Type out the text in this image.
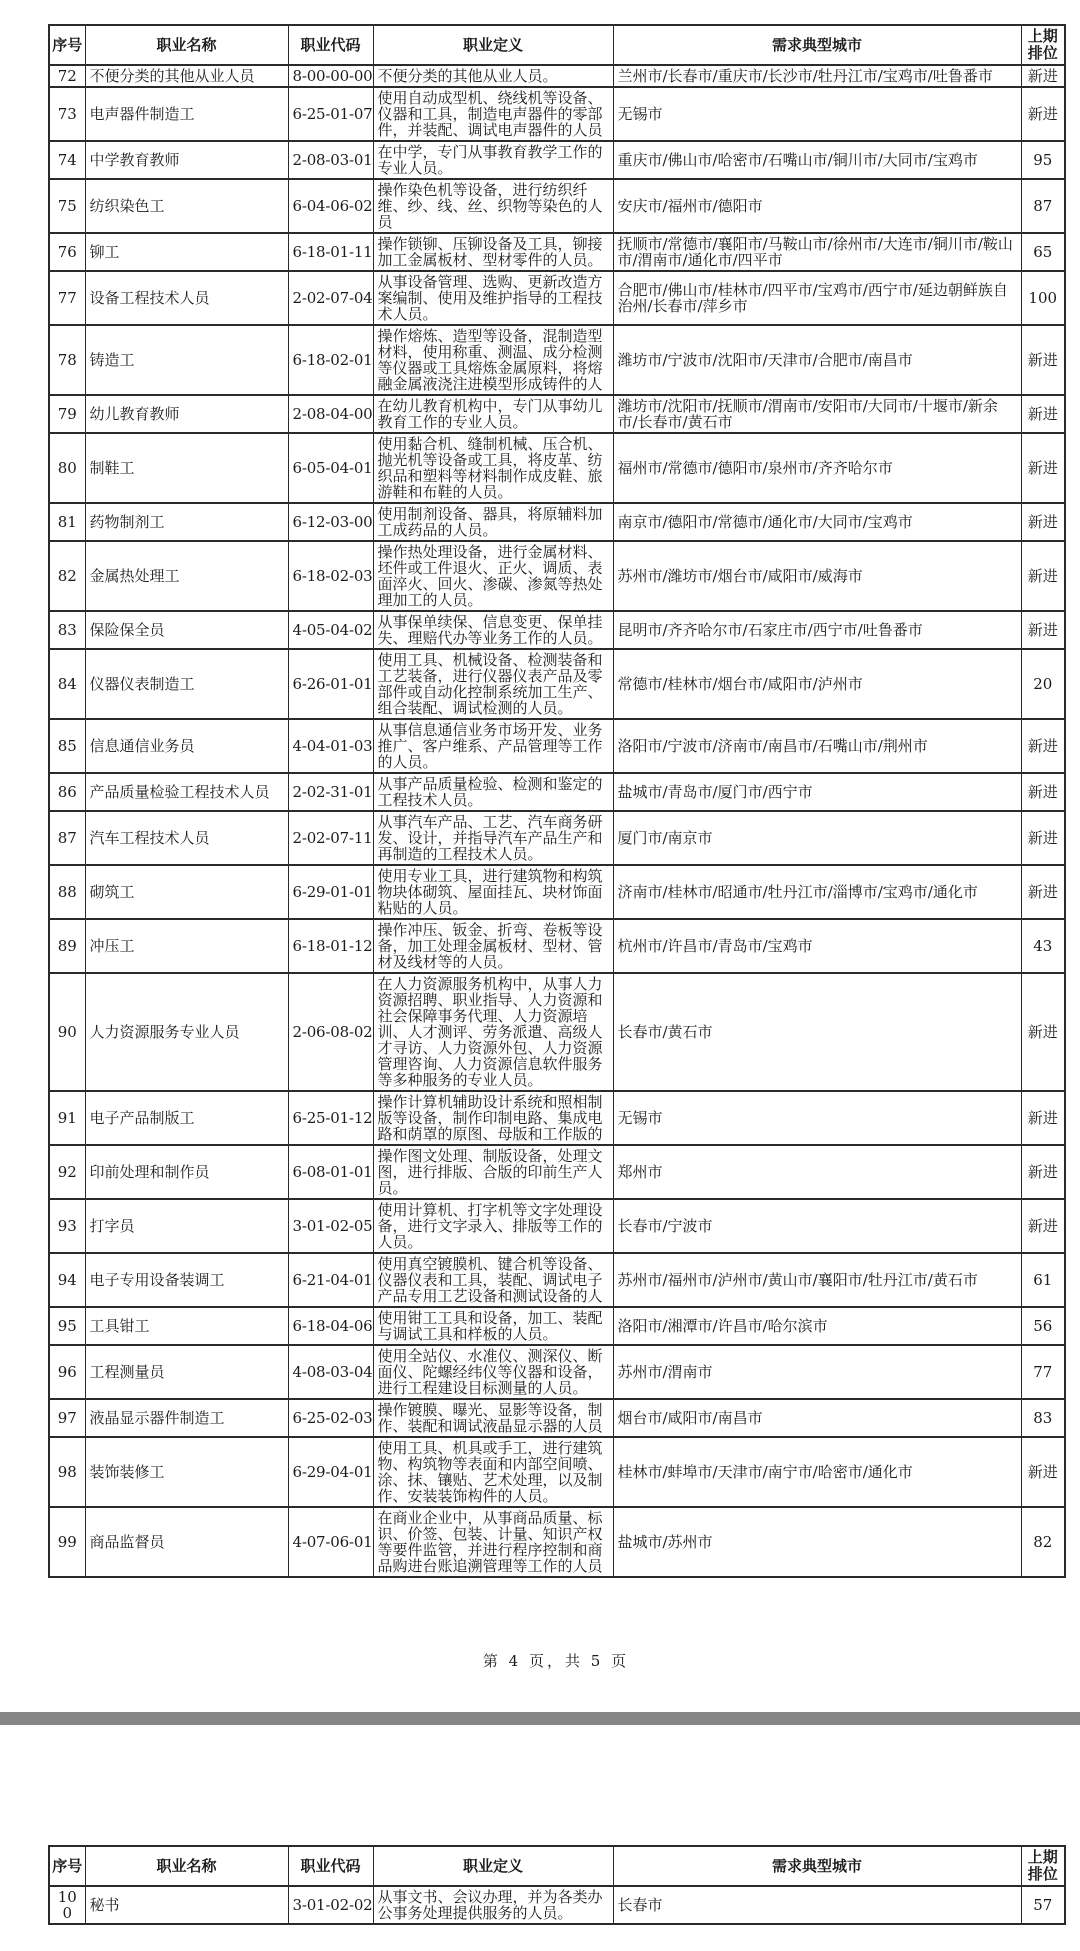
序号	职业名称	职业代码	职业定义	需求典型城市	上期排位
72	不便分类的其他从业人员	8-00-00-00	不便分类的其他从业人员。	兰州市/长春市/重庆市/长沙市/牡丹江市/宝鸡市/吐鲁番市	新进
73	电声器件制造工	6-25-01-07	使用自动成型机、绕线机等设备、仪器和工具，制造电声器件的零部件，并装配、调试电声器件的人员	无锡市	新进
74	中学教育教师	2-08-03-01	在中学，专门从事教育教学工作的专业人员。	重庆市/佛山市/哈密市/石嘴山市/铜川市/大同市/宝鸡市	95
75	纺织染色工	6-04-06-02	操作染色机等设备，进行纺织纤维、纱、线、丝、织物等染色的人员	安庆市/福州市/德阳市	87
76	铆工	6-18-01-11	操作锁铆、压铆设备及工具，铆接加工金属板材、型材零件的人员。	抚顺市/常德市/襄阳市/马鞍山市/徐州市/大连市/铜川市/鞍山市/渭南市/通化市/四平市	65
77	设备工程技术人员	2-02-07-04	从事设备管理、选购、更新改造方案编制、使用及维护指导的工程技术人员。	合肥市/佛山市/桂林市/四平市/宝鸡市/西宁市/延边朝鲜族自治州/长春市/萍乡市	100
78	铸造工	6-18-02-01	操作熔炼、造型等设备，混制造型材料，使用称重、测温、成分检测等仪器或工具熔炼金属原料，将熔融金属液浇注进模型形成铸件的人	潍坊市/宁波市/沈阳市/天津市/合肥市/南昌市	新进
79	幼儿教育教师	2-08-04-00	在幼儿教育机构中，专门从事幼儿教育工作的专业人员。	潍坊市/沈阳市/抚顺市/渭南市/安阳市/大同市/十堰市/新余市/长春市/黄石市	新进
80	制鞋工	6-05-04-01	使用黏合机、缝制机械、压合机、抛光机等设备或工具，将皮革、纺织品和塑料等材料制作成皮鞋、旅游鞋和布鞋的人员。	福州市/常德市/德阳市/泉州市/齐齐哈尔市	新进
81	药物制剂工	6-12-03-00	使用制剂设备、器具，将原辅料加工成药品的人员。	南京市/德阳市/常德市/通化市/大同市/宝鸡市	新进
82	金属热处理工	6-18-02-03	操作热处理设备，进行金属材料、坯件或工件退火、正火、调质、表面淬火、回火、渗碳、渗氮等热处理加工的人员。	苏州市/潍坊市/烟台市/咸阳市/威海市	新进
83	保险保全员	4-05-04-02	从事保单续保、信息变更、保单挂失、理赔代办等业务工作的人员。	昆明市/齐齐哈尔市/石家庄市/西宁市/吐鲁番市	新进
84	仪器仪表制造工	6-26-01-01	使用工具、机械设备、检测装备和工艺装备，进行仪器仪表产品及零部件或自动化控制系统加工生产、组合装配、调试检测的人员。	常德市/桂林市/烟台市/咸阳市/泸州市	20
85	信息通信业务员	4-04-01-03	从事信息通信业务市场开发、业务推广、客户维系、产品管理等工作的人员。	洛阳市/宁波市/济南市/南昌市/石嘴山市/荆州市	新进
86	产品质量检验工程技术人员	2-02-31-01	从事产品质量检验、检测和鉴定的工程技术人员。	盐城市/青岛市/厦门市/西宁市	新进
87	汽车工程技术人员	2-02-07-11	从事汽车产品、工艺、汽车商务研发、设计，并指导汽车产品生产和再制造的工程技术人员。	厦门市/南京市	新进
88	砌筑工	6-29-01-01	使用专业工具，进行建筑物和构筑物块体砌筑、屋面挂瓦、块材饰面粘贴的人员。	济南市/桂林市/昭通市/牡丹江市/淄博市/宝鸡市/通化市	新进
89	冲压工	6-18-01-12	操作冲压、钣金、折弯、卷板等设备，加工处理金属板材、型材、管材及线材等的人员。	杭州市/许昌市/青岛市/宝鸡市	43
90	人力资源服务专业人员	2-06-08-02	在人力资源服务机构中，从事人力资源招聘、职业指导、人力资源和社会保障事务代理、人力资源培训、人才测评、劳务派遣、高级人才寻访、人力资源外包、人力资源管理咨询、人力资源信息软件服务等多种服务的专业人员。	长春市/黄石市	新进
91	电子产品制版工	6-25-01-12	操作计算机辅助设计系统和照相制版等设备，制作印制电路、集成电路和荫罩的原图、母版和工作版的	无锡市	新进
92	印前处理和制作员	6-08-01-01	操作图文处理、制版设备，处理文图，进行排版、合版的印前生产人员。	郑州市	新进
93	打字员	3-01-02-05	使用计算机、打字机等文字处理设备，进行文字录入、排版等工作的人员。	长春市/宁波市	新进
94	电子专用设备装调工	6-21-04-01	使用真空镀膜机、键合机等设备、仪器仪表和工具，装配、调试电子产品专用工艺设备和测试设备的人	苏州市/福州市/泸州市/黄山市/襄阳市/牡丹江市/黄石市	61
95	工具钳工	6-18-04-06	使用钳工工具和设备，加工、装配与调试工具和样板的人员。	洛阳市/湘潭市/许昌市/哈尔滨市	56
96	工程测量员	4-08-03-04	使用全站仪、水准仪、测深仪、断面仪、陀螺经纬仪等仪器和设备，进行工程建设目标测量的人员。	苏州市/渭南市	77
97	液晶显示器件制造工	6-25-02-03	操作镀膜、曝光、显影等设备，制作、装配和调试液晶显示器的人员	烟台市/咸阳市/南昌市	83
98	装饰装修工	6-29-04-01	使用工具、机具或手工，进行建筑物、构筑物等表面和内部空间喷、涂、抹、镶贴、艺术处理，以及制作、安装装饰构件的人员。	桂林市/蚌埠市/天津市/南宁市/哈密市/通化市	新进
99	商品监督员	4-07-06-01	在商业企业中，从事商品质量、标识、价签、包装、计量、知识产权等要件监管，并进行程序控制和商品购进台账追溯管理等工作的人员	盐城市/苏州市	82
第 4 页，共 5 页
序号	职业名称	职业代码	职业定义	需求典型城市	上期排位
100	秘书	3-01-02-02	从事文书、会议办理，并为各类办公事务处理提供服务的人员。	长春市	57
